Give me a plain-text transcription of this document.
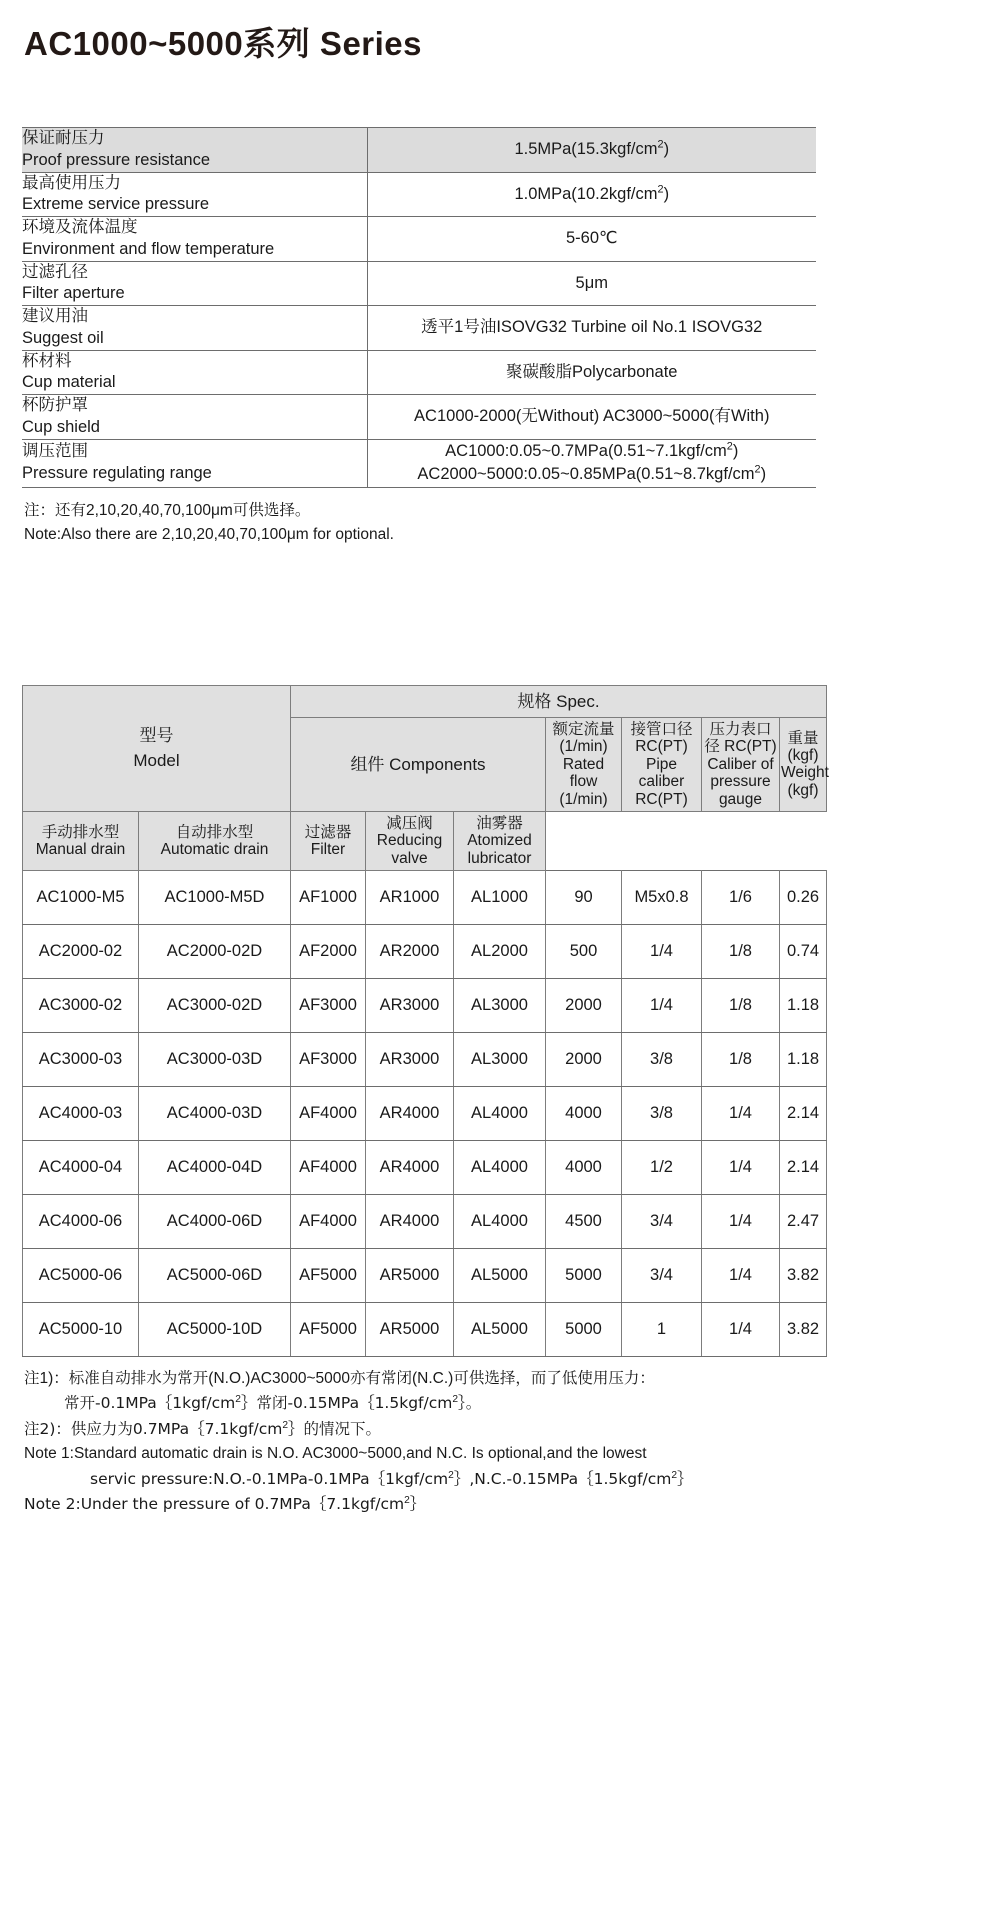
AC1000~5000系列 Series
保证耐压力
Proof pressure resistance	$1.5MPa(15.3kgf/cm^2)$

最高使用压力
Extreme service pressure	$1.0MPa(10.2kgf/cm^2)$

环境及流体温度
Environment and flow temperature	5-60℃

过滤孔径
Filter aperture	5μm

建议用油
Suggest oil	透平1号油ISOVG32 Turbine oil No.1 ISOVG32

杯材料
Cup material	聚碳酸脂Polycarbonate

杯防护罩
Cup shield	AC1000-2000(无Without) AC3000~5000(有With)

调压范围
Pressure regulating range

$AC1000:0.05\sim 0.7MPa(0.51\sim 7.1kgf/cm^2)$
$AC2000\sim 5000:0.05\sim 0.85MPa(0.51\sim 8.7kgf/cm^2)$
注：还有2,10,20,40,70,100μm可供选择。
Note:Also there are 2,10,20,40,70,100μm for optional.
型号
Model		规格 Spec.						
		组件 Components			额定流量 (1/min) Rated flow (1/min)	接管口径 RC(PT) Pipe caliber RC(PT)	压力表口径 RC(PT) Caliber of pressure gauge	重量 (kgf) Weight (kgf)

手动排水型 Manual drain	自动排水型 Automatic drain	过滤器 Filter	减压阀 Reducing valve	油雾器 Atomized lubricator				
AC1000-M5	AC1000-M5D	AF1000	AR1000	AL1000	90	M5x0.8	1/6	0.26
AC2000-02	AC2000-02D	AF2000	AR2000	AL2000	500	1/4	1/8	0.74
AC3000-02	AC3000-02D	AF3000	AR3000	AL3000	2000	1/4	1/8	1.18
AC3000-03	AC3000-03D	AF3000	AR3000	AL3000	2000	3/8	1/8	1.18
AC4000-03	AC4000-03D	AF4000	AR4000	AL4000	4000	3/8	1/4	2.14
AC4000-04	AC4000-04D	AF4000	AR4000	AL4000	4000	1/2	1/4	2.14
AC4000-06	AC4000-06D	AF4000	AR4000	AL4000	4500	3/4	1/4	2.47
AC5000-06	AC5000-06D	AF5000	AR5000	AL5000	5000	3/4	1/4	3.82
AC5000-10	AC5000-10D	AF5000	AR5000	AL5000	5000	1	1/4	3.82
注1)：标准自动排水为常开(N.O.)AC3000~5000亦有常闭(N.C.)可供选择，而了低使用压力：
常开$-0.1MPa\{1kgf/cm^2\}$常闭$-0.15MPa\{1.5kgf/cm^2\}$。
注2)：供应力为$0.7MPa\{7.1kgf/cm^2\}$的情况下。
Note 1:Standard automatic drain is N.O. AC3000~5000,and N.C. Is optional,and the lowest
servic $pressure:N.O.-0.1MPa-0.1MPa\{1kgf/cm^2\},N.C.-0.15MPa\{1.5kgf/cm^2\}$
Note 2:Under the pressure of $0.7MPa\{7.1kgf/cm^2\}$
